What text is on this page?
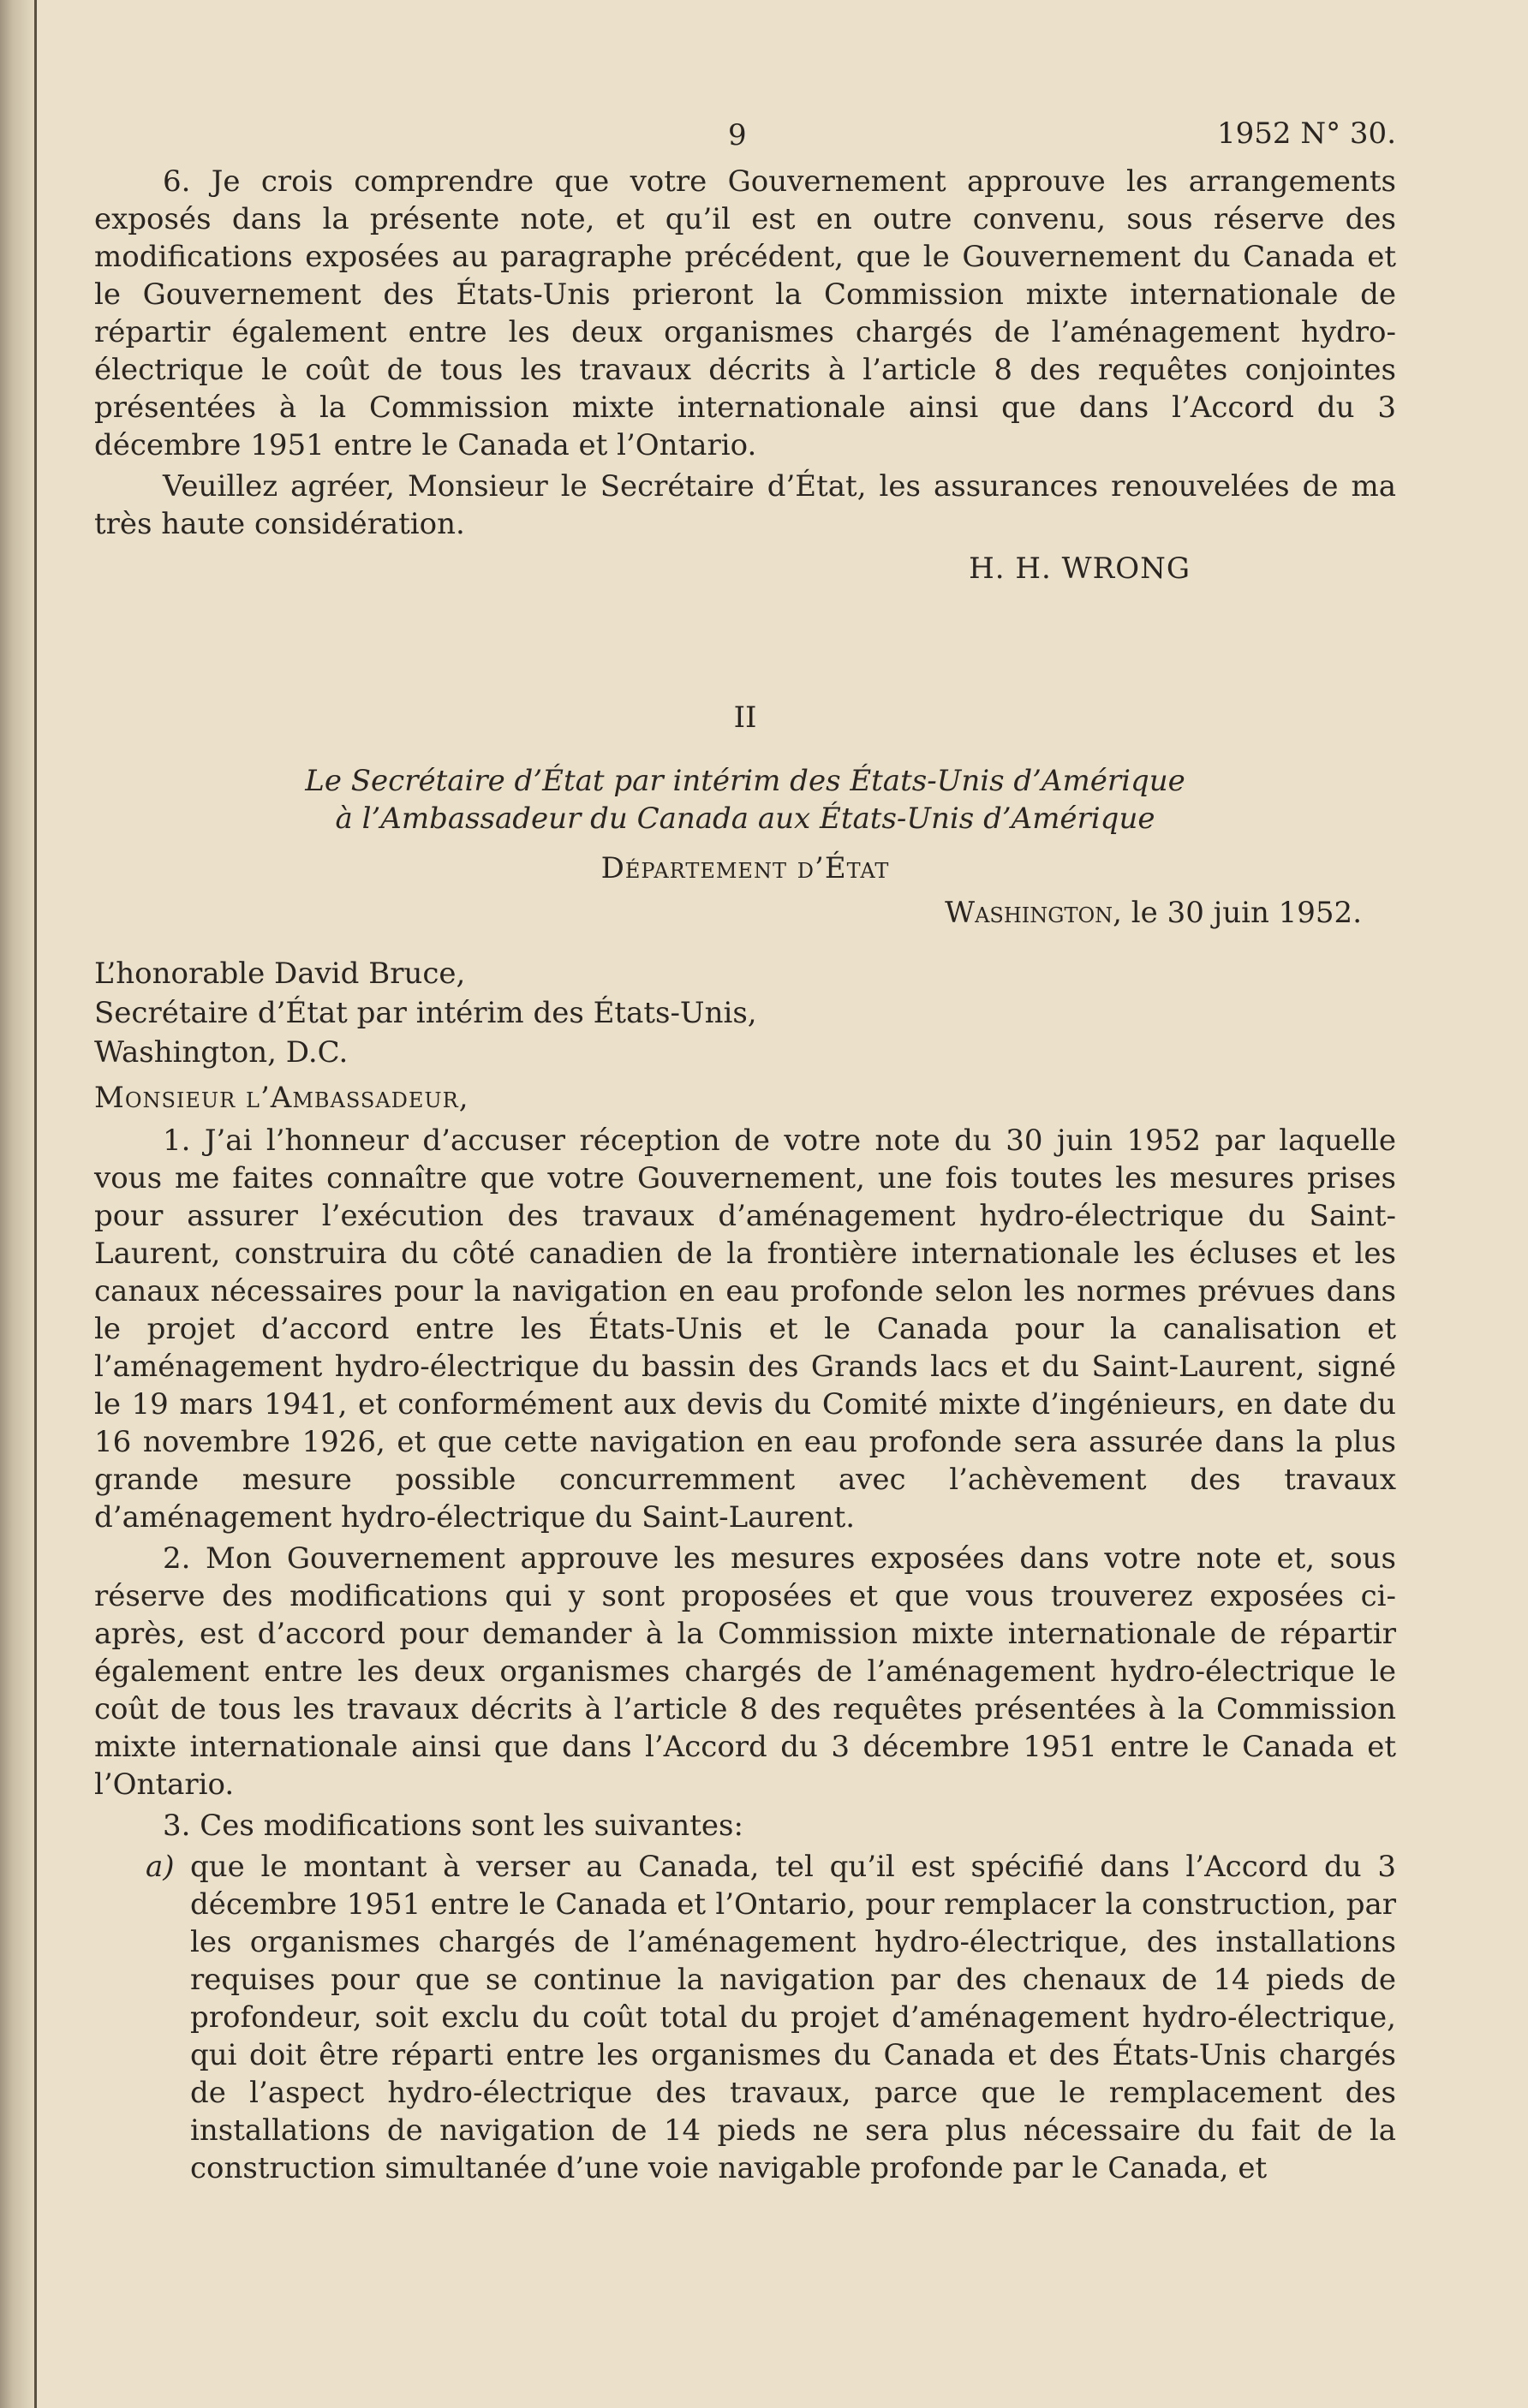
9	1952 N° 30.

6. Je crois comprendre que votre Gouvernement approuve les arrangements exposés dans la présente note, et qu’il est en outre convenu, sous réserve des modifications exposées au paragraphe précédent, que le Gouvernement du Canada et le Gouvernement des États-Unis prieront la Commission mixte internationale de répartir également entre les deux organismes chargés de l’aménagement hydro-électrique le coût de tous les travaux décrits à l’article 8 des requêtes conjointes présentées à la Commission mixte internationale ainsi que dans l’Accord du 3 décembre 1951 entre le Canada et l’Ontario.

Veuillez agréer, Monsieur le Secrétaire d’État, les assurances renouvelées de ma très haute considération.

H. H. WRONG

II

Le Secrétaire d’État par intérim des États-Unis d’Amérique
à l’Ambassadeur du Canada aux États-Unis d’Amérique

Département d’État

Washington, le 30 juin 1952.

L’honorable David Bruce,
Secrétaire d’État par intérim des États-Unis,
Washington, D.C.

Monsieur l’Ambassadeur,

1. J’ai l’honneur d’accuser réception de votre note du 30 juin 1952 par laquelle vous me faites connaître que votre Gouvernement, une fois toutes les mesures prises pour assurer l’exécution des travaux d’aménagement hydro-électrique du Saint-Laurent, construira du côté canadien de la frontière internationale les écluses et les canaux nécessaires pour la navigation en eau profonde selon les normes prévues dans le projet d’accord entre les États-Unis et le Canada pour la canalisation et l’aménagement hydro-électrique du bassin des Grands lacs et du Saint-Laurent, signé le 19 mars 1941, et conformément aux devis du Comité mixte d’ingénieurs, en date du 16 novembre 1926, et que cette navigation en eau profonde sera assurée dans la plus grande mesure possible concurremment avec l’achèvement des travaux d’aménagement hydro-électrique du Saint-Laurent.

2. Mon Gouvernement approuve les mesures exposées dans votre note et, sous réserve des modifications qui y sont proposées et que vous trouverez exposées ci-après, est d’accord pour demander à la Commission mixte internationale de répartir également entre les deux organismes chargés de l’aménagement hydro-électrique le coût de tous les travaux décrits à l’article 8 des requêtes présentées à la Commission mixte internationale ainsi que dans l’Accord du 3 décembre 1951 entre le Canada et l’Ontario.

3. Ces modifications sont les suivantes:

a) que le montant à verser au Canada, tel qu’il est spécifié dans l’Accord du 3 décembre 1951 entre le Canada et l’Ontario, pour remplacer la construction, par les organismes chargés de l’aménagement hydro-électrique, des installations requises pour que se continue la navigation par des chenaux de 14 pieds de profondeur, soit exclu du coût total du projet d’aménagement hydro-électrique, qui doit être réparti entre les organismes du Canada et des États-Unis chargés de l’aspect hydro-électrique des travaux, parce que le remplacement des installations de navigation de 14 pieds ne sera plus nécessaire du fait de la construction simultanée d’une voie navigable profonde par le Canada, et
